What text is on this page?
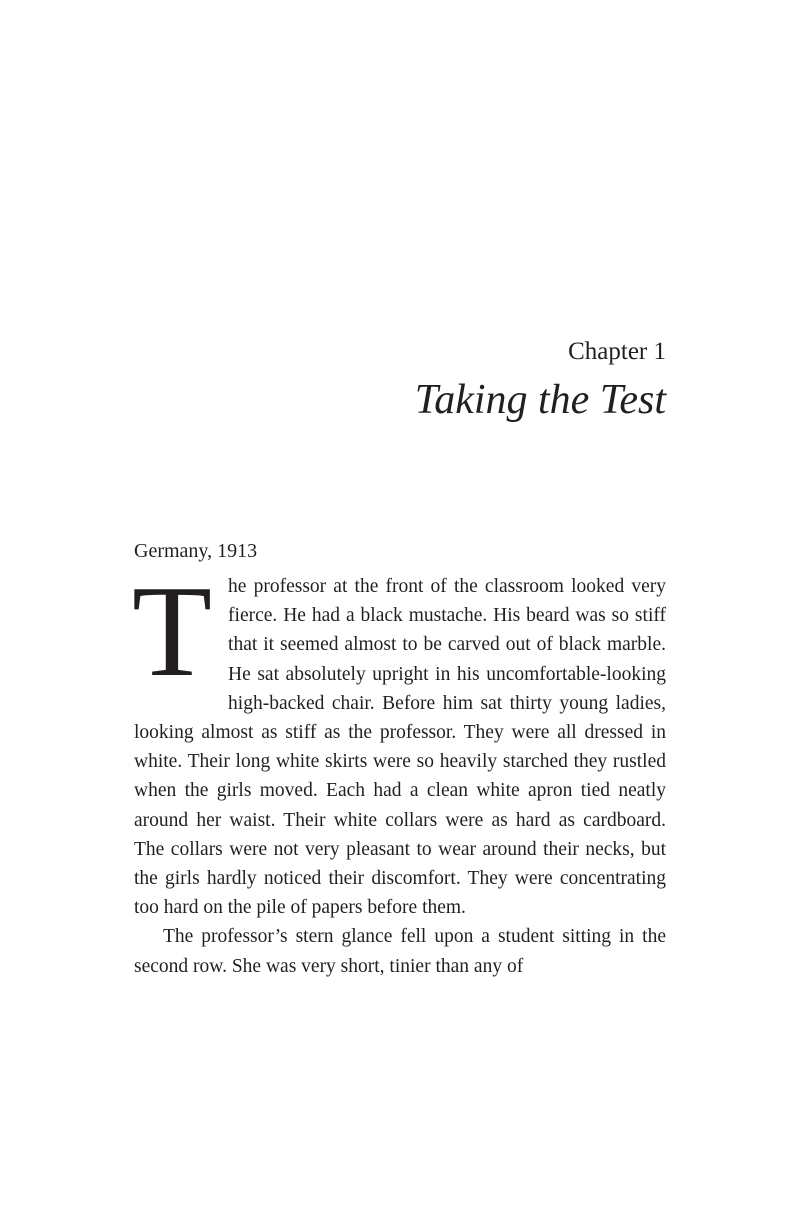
Chapter 1
Taking the Test

Germany, 1913

The professor at the front of the classroom looked very fierce. He had a black mustache. His beard was so stiff that it seemed almost to be carved out of black marble. He sat absolutely upright in his uncomfortable-looking high-backed chair. Before him sat thirty young ladies, looking almost as stiff as the professor. They were all dressed in white. Their long white skirts were so heavily starched they rustled when the girls moved. Each had a clean white apron tied neatly around her waist. Their white collars were as hard as cardboard. The collars were not very pleasant to wear around their necks, but the girls hardly noticed their discomfort. They were concentrating too hard on the pile of papers before them.

The professor’s stern glance fell upon a student sitting in the second row. She was very short, tinier than any of
